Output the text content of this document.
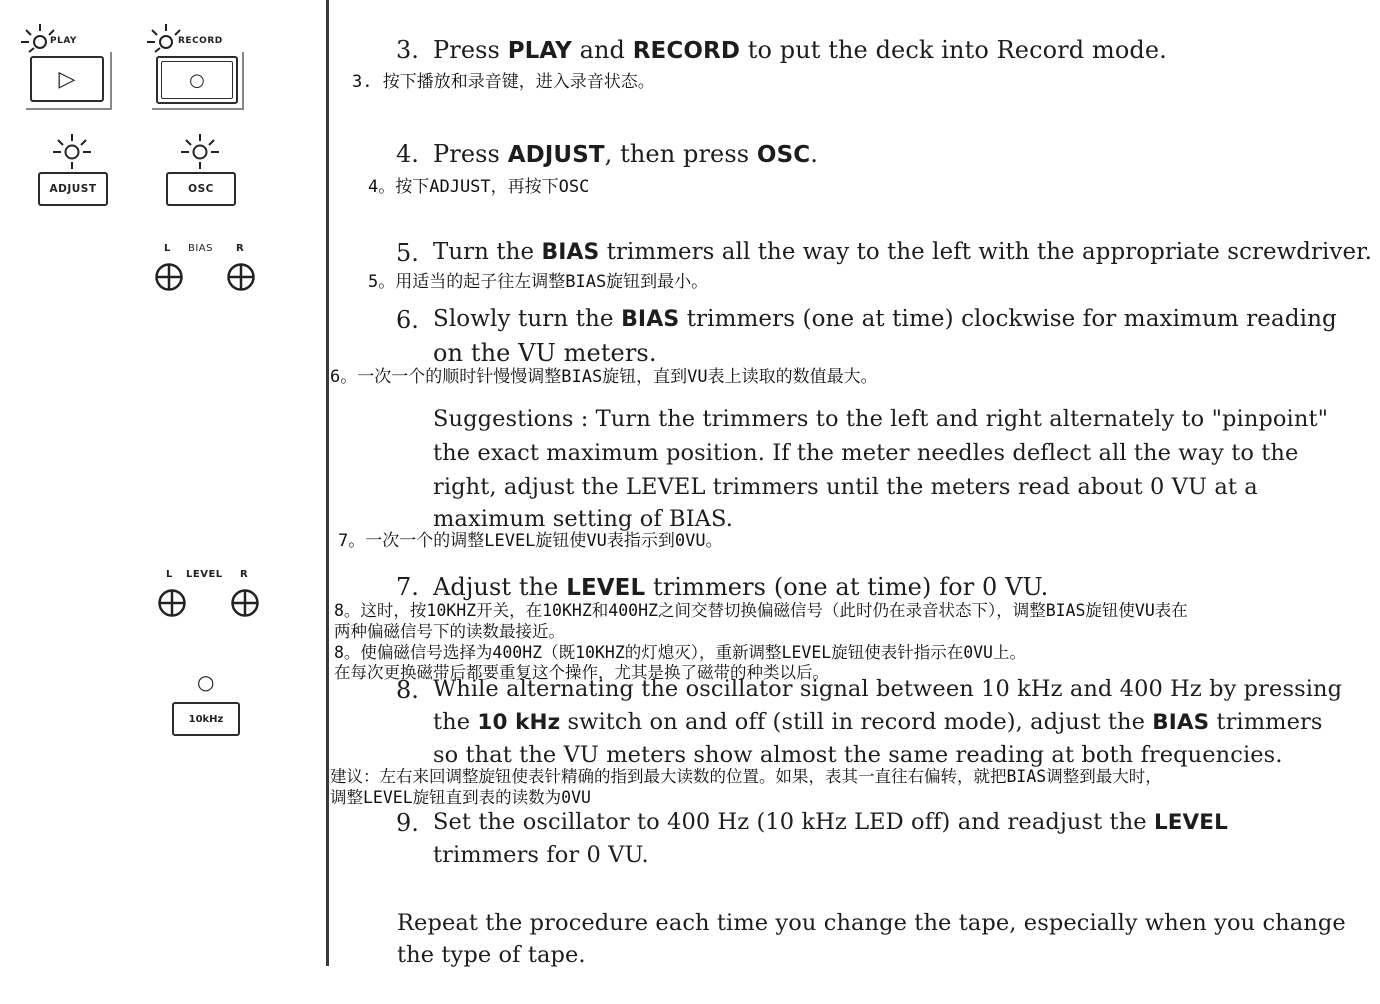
PLAY
▷
RECORD
○
ADJUST	OSC
L BIAS R
L LEVEL R
○
10kHz
3. Press PLAY and RECORD to put the deck into Record mode.
3. 按下播放和录音键，进入录音状态。
4. Press ADJUST, then press OSC.
4。按下ADJUST，再按下OSC
5. Turn the BIAS trimmers all the way to the left with the appropriate screwdriver.
5。用适当的起子往左调整BIAS旋钮到最小。
6. Slowly turn the BIAS trimmers (one at time) clockwise for maximum reading
on the VU meters.
6。一次一个的顺时针慢慢调整BIAS旋钮，直到VU表上读取的数值最大。
Suggestions : Turn the trimmers to the left and right alternately to "pinpoint"
the exact maximum position. If the meter needles deflect all the way to the
right, adjust the LEVEL trimmers until the meters read about 0 VU at a
maximum setting of BIAS.
7。一次一个的调整LEVEL旋钮使VU表指示到0VU。
7. Adjust the LEVEL trimmers (one at time) for 0 VU.
8。这时，按10KHZ开关，在10KHZ和400HZ之间交替切换偏磁信号（此时仍在录音状态下），调整BIAS旋钮使VU表在
两种偏磁信号下的读数最接近。
8。使偏磁信号选择为400HZ（既10KHZ的灯熄灭），重新调整LEVEL旋钮使表针指示在0VU上。
在每次更换磁带后都要重复这个操作，尤其是换了磁带的种类以后。
8. While alternating the oscillator signal between 10 kHz and 400 Hz by pressing
the 10 kHz switch on and off (still in record mode), adjust the BIAS trimmers
so that the VU meters show almost the same reading at both frequencies.
建议：左右来回调整旋钮使表针精确的指到最大读数的位置。如果，表其一直往右偏转，就把BIAS调整到最大时，
调整LEVEL旋钮直到表的读数为0VU
9. Set the oscillator to 400 Hz (10 kHz LED off) and readjust the LEVEL
trimmers for 0 VU.
Repeat the procedure each time you change the tape, especially when you change
the type of tape.
